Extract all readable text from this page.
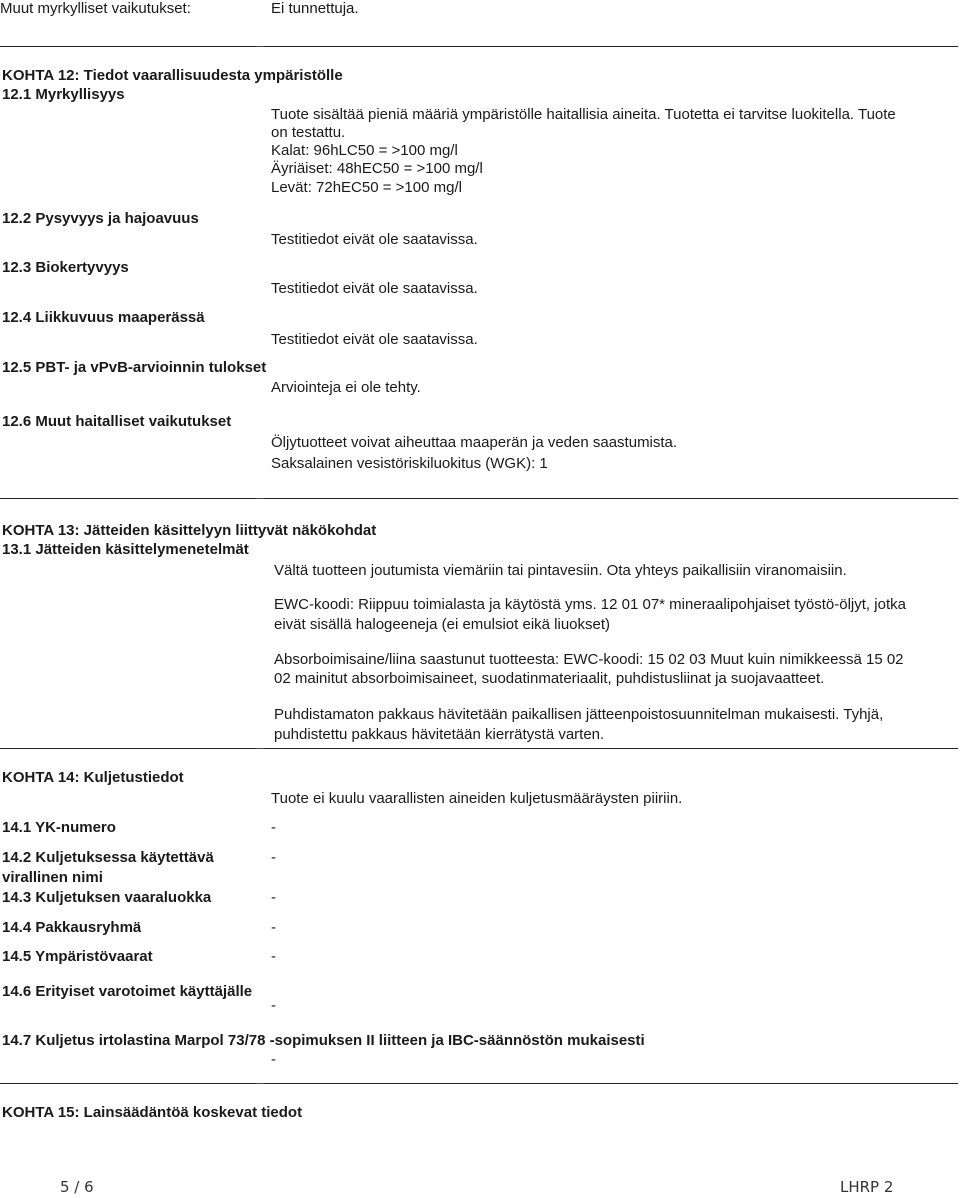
Muut myrkylliset vaikutukset:	Ei tunnettuja.
KOHTA 12: Tiedot vaarallisuudesta ympäristölle
12.1 Myrkyllisyys
Tuote sisältää pieniä määriä ympäristölle haitallisia aineita. Tuotetta ei tarvitse luokitella. Tuote
on testattu.
Kalat: 96hLC50 = >100 mg/l
Äyriäiset: 48hEC50 = >100 mg/l
Levät: 72hEC50 = >100 mg/l
12.2 Pysyvyys ja hajoavuus
Testitiedot eivät ole saatavissa.
12.3 Biokertyvyys
Testitiedot eivät ole saatavissa.
12.4 Liikkuvuus maaperässä
Testitiedot eivät ole saatavissa.
12.5 PBT- ja vPvB-arvioinnin tulokset
Arviointeja ei ole tehty.
12.6 Muut haitalliset vaikutukset
Öljytuotteet voivat aiheuttaa maaperän ja veden saastumista.
Saksalainen vesistöriskiluokitus (WGK): 1
KOHTA 13: Jätteiden käsittelyyn liittyvät näkökohdat
13.1 Jätteiden käsittelymenetelmät
Vältä tuotteen joutumista viemäriin tai pintavesiin. Ota yhteys paikallisiin viranomaisiin.
EWC-koodi: Riippuu toimialasta ja käytöstä yms. 12 01 07* mineraalipohjaiset työstö-öljyt, jotka
eivät sisällä halogeeneja (ei emulsiot eikä liuokset)
Absorboimisaine/liina saastunut tuotteesta: EWC-koodi: 15 02 03 Muut kuin nimikkeessä 15 02
02 mainitut absorboimisaineet, suodatinmateriaalit, puhdistusliinat ja suojavaatteet.
Puhdistamaton pakkaus hävitetään paikallisen jätteenpoistosuunnitelman mukaisesti. Tyhjä,
puhdistettu pakkaus hävitetään kierrätystä varten.
KOHTA 14: Kuljetustiedot
Tuote ei kuulu vaarallisten aineiden kuljetusmääräysten piiriin.
14.1 YK-numero	-
14.2 Kuljetuksessa käytettävä
virallinen nimi
-
14.3 Kuljetuksen vaaraluokka	-
14.4 Pakkausryhmä	-
14.5 Ympäristövaarat	-
14.6 Erityiset varotoimet käyttäjälle
-
14.7 Kuljetus irtolastina Marpol 73/78 -sopimuksen II liitteen ja IBC-säännöstön mukaisesti
-
KOHTA 15: Lainsäädäntöä koskevat tiedot
5 / 6	LHRP 2
